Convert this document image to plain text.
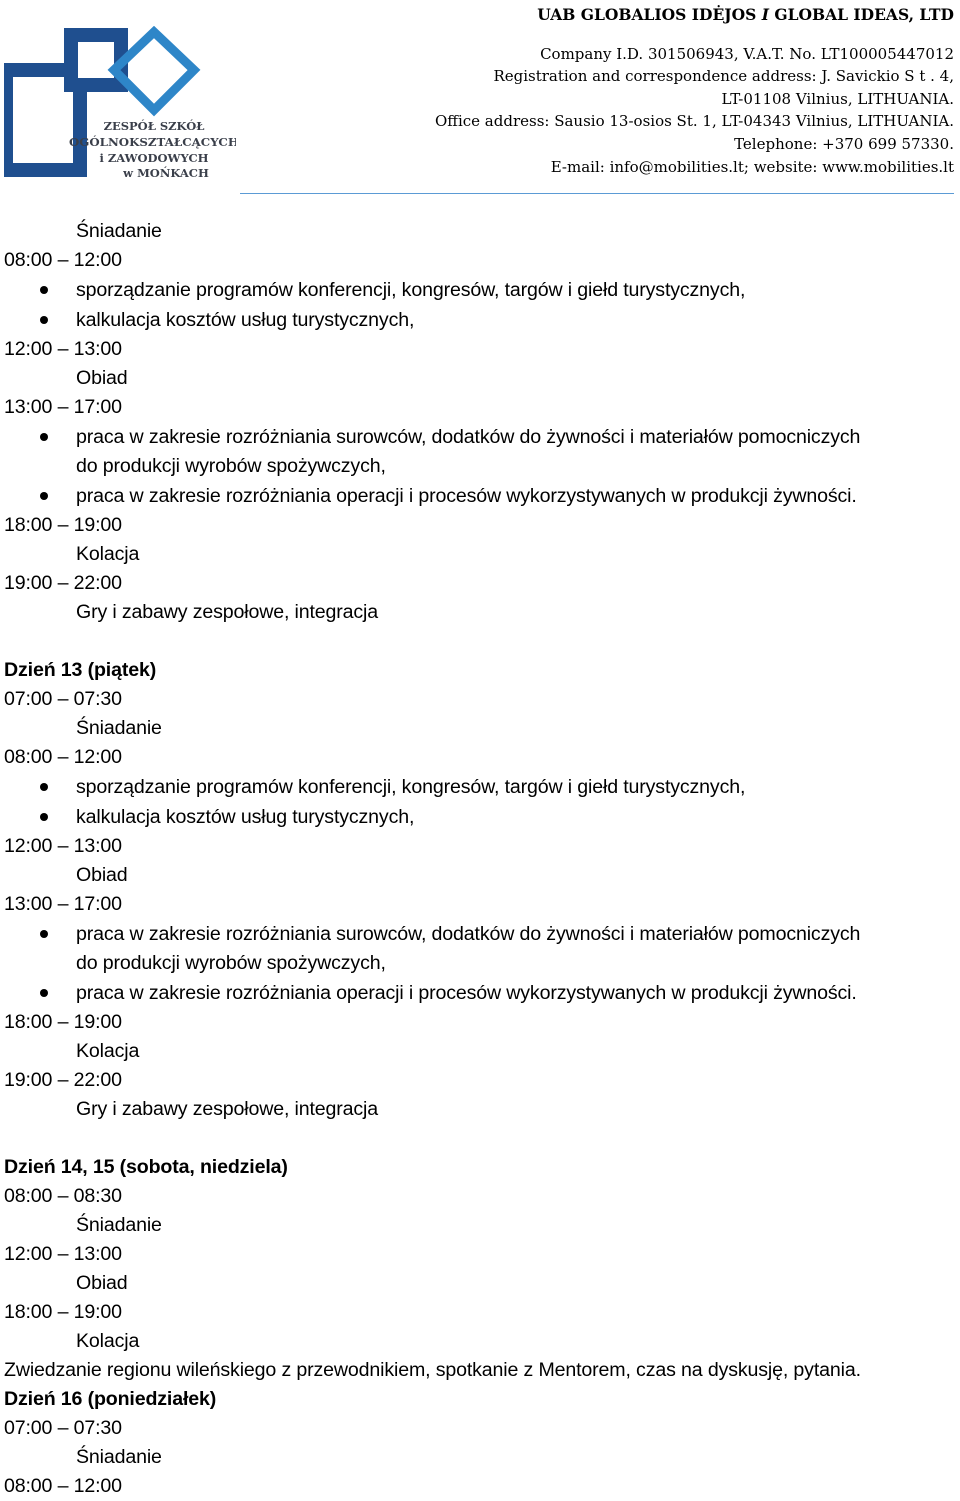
ZESPÓŁ SZKÓŁ
OGÓLNOKSZTAŁCĄCYCH
i ZAWODOWYCH
w MOŃKACH
UAB GLOBALIOS IDĖJOS I GLOBAL IDEAS, LTD
Company I.D. 301506943, V.A.T. No. LT100005447012
Registration and correspondence address: J. Savickio S t . 4,
LT-01108 Vilnius, LITHUANIA.
Office address: Sausio 13-osios St. 1, LT-04343 Vilnius, LITHUANIA.
Telephone: +370 699 57330.
E-mail: info@mobilities.lt; website: www.mobilities.lt
Śniadanie
08:00 – 12:00
sporządzanie programów konferencji, kongresów, targów i giełd turystycznych,
kalkulacja kosztów usług turystycznych,
12:00 – 13:00
Obiad
13:00 – 17:00
praca w zakresie rozróżniania surowców, dodatków do żywności i materiałów pomocniczych
do produkcji wyrobów spożywczych,
praca w zakresie rozróżniania operacji i procesów wykorzystywanych w produkcji żywności.
18:00 – 19:00
Kolacja
19:00 – 22:00
Gry i zabawy zespołowe, integracja
Dzień 13 (piątek)
07:00 – 07:30
Śniadanie
08:00 – 12:00
sporządzanie programów konferencji, kongresów, targów i giełd turystycznych,
kalkulacja kosztów usług turystycznych,
12:00 – 13:00
Obiad
13:00 – 17:00
praca w zakresie rozróżniania surowców, dodatków do żywności i materiałów pomocniczych
do produkcji wyrobów spożywczych,
praca w zakresie rozróżniania operacji i procesów wykorzystywanych w produkcji żywności.
18:00 – 19:00
Kolacja
19:00 – 22:00
Gry i zabawy zespołowe, integracja
Dzień 14, 15 (sobota, niedziela)
08:00 – 08:30
Śniadanie
12:00 – 13:00
Obiad
18:00 – 19:00
Kolacja
Zwiedzanie regionu wileńskiego z przewodnikiem, spotkanie z Mentorem, czas na dyskusję, pytania.
Dzień 16 (poniedziałek)
07:00 – 07:30
Śniadanie
08:00 – 12:00
